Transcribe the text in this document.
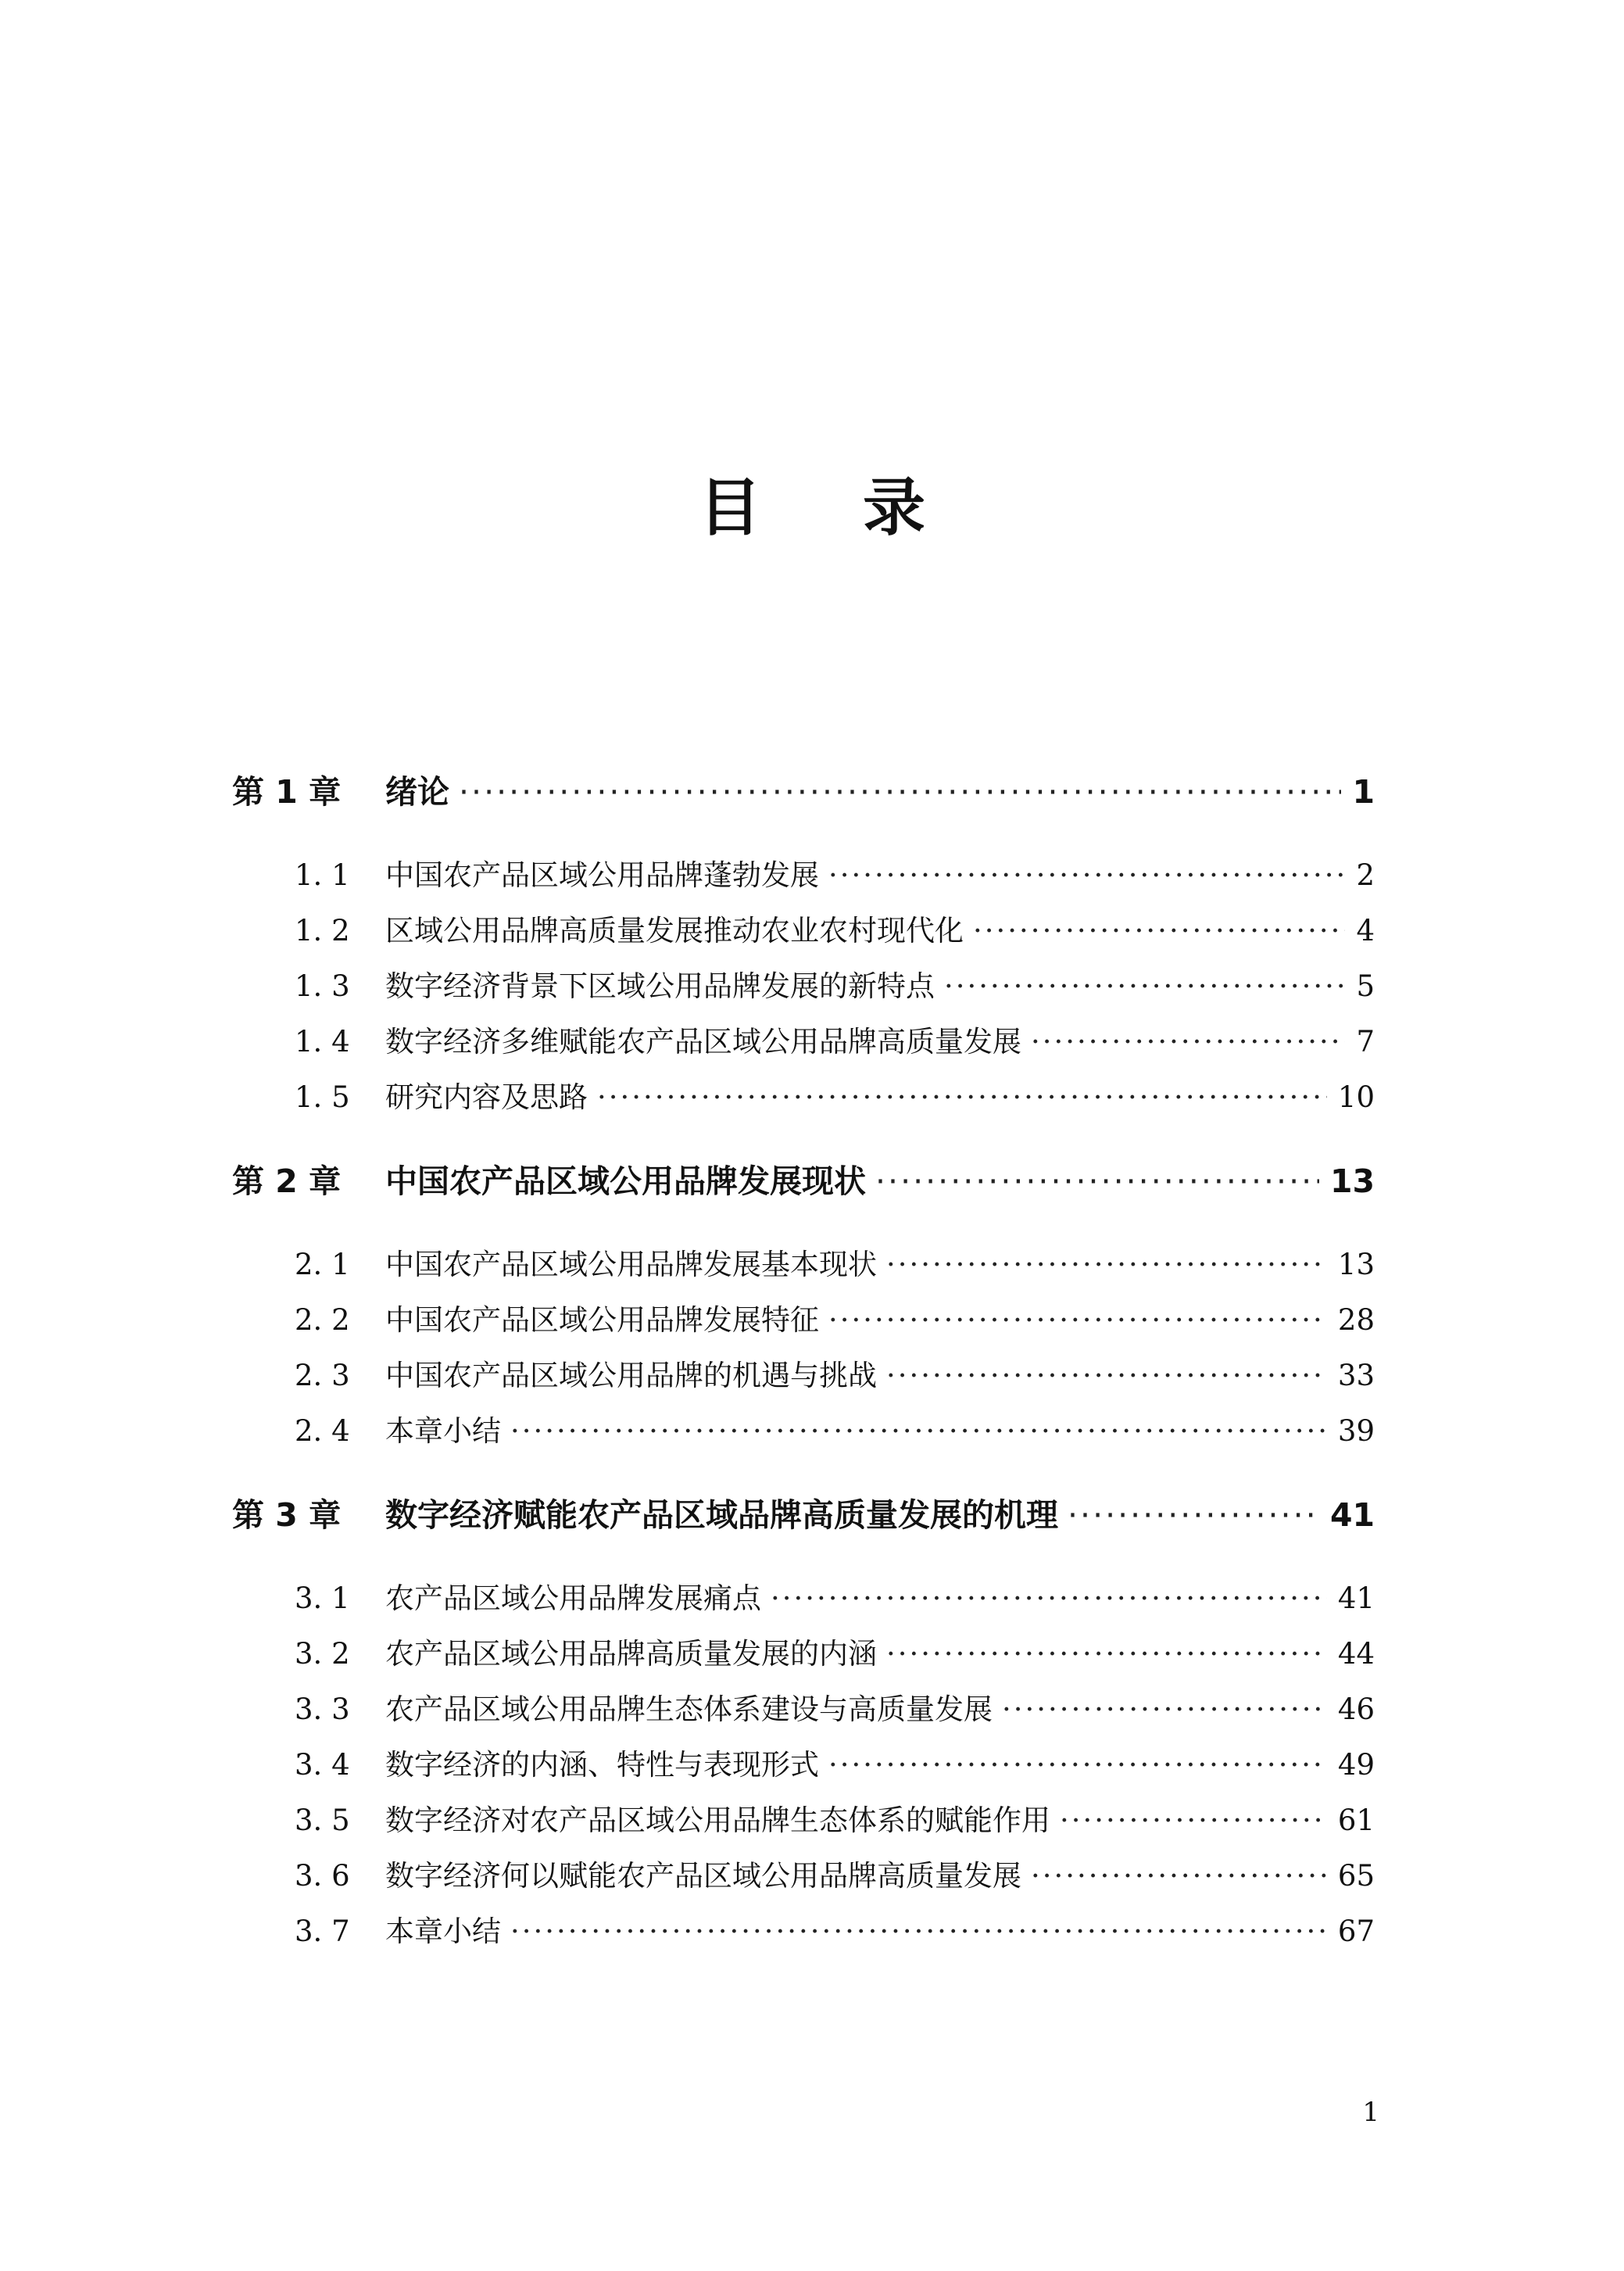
目录
第 1 章	绪论 ·····	1
1. 1	中国农产品区域公用品牌蓬勃发展 ·····	2
1. 2	区域公用品牌高质量发展推动农业农村现代化 ·····	4
1. 3	数字经济背景下区域公用品牌发展的新特点 ·····	5
1. 4	数字经济多维赋能农产品区域公用品牌高质量发展 ·····	7
1. 5	研究内容及思路 ·····	10
第 2 章	中国农产品区域公用品牌发展现状 ·····	13
2. 1	中国农产品区域公用品牌发展基本现状 ·····	13
2. 2	中国农产品区域公用品牌发展特征 ·····	28
2. 3	中国农产品区域公用品牌的机遇与挑战 ·····	33
2. 4	本章小结 ·····	39
第 3 章	数字经济赋能农产品区域品牌高质量发展的机理 ·····	41
3. 1	农产品区域公用品牌发展痛点 ·····	41
3. 2	农产品区域公用品牌高质量发展的内涵 ·····	44
3. 3	农产品区域公用品牌生态体系建设与高质量发展 ·····	46
3. 4	数字经济的内涵、特性与表现形式 ·····	49
3. 5	数字经济对农产品区域公用品牌生态体系的赋能作用 ·····	61
3. 6	数字经济何以赋能农产品区域公用品牌高质量发展 ·····	65
3. 7	本章小结 ·····	67
1
